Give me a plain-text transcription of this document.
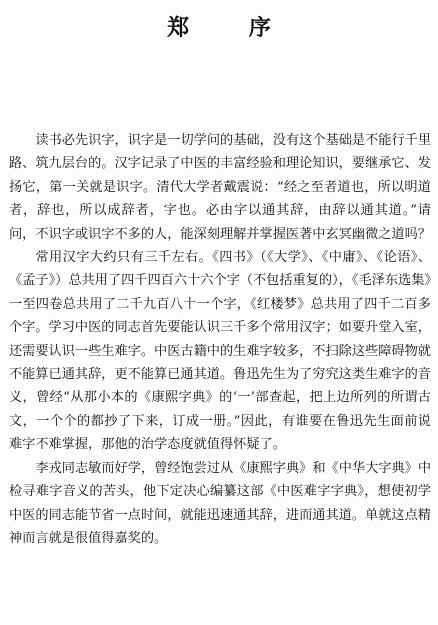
郑 序

读书必先识字，识字是一切学问的基础，没有这个基础是不能行千里路、筑九层台的。汉字记录了中医的丰富经验和理论知识，要继承它、发扬它，第一关就是识字。清代大学者戴震说：“经之至者道也，所以明道者，辞也，所以成辞者，字也。必由字以通其辞，由辞以通其道。”请问，不识字或识字不多的人，能深刻理解并掌握医著中玄冥幽微之道吗？

常用汉字大约只有三千左右。《四书》（《大学》、《中庸》、《论语》、《孟子》）总共用了四千四百六十六个字（不包括重复的），《毛泽东选集》一至四卷总共用了二千九百八十一个字，《红楼梦》总共用了四千二百多个字。学习中医的同志首先要能认识三千多个常用汉字；如要升堂入室，还需要认识一些生难字。中医古籍中的生难字较多，不扫除这些障碍物就不能算已通其辞，更不能算已通其道。鲁迅先生为了穷究这类生难字的音义，曾经“从那小本的《康熙字典》的‘一’部查起，把上边所列的所谓古文，一个个的都抄了下来，订成一册。”因此，有谁要在鲁迅先生面前说难字不难掌握，那他的治学态度就值得怀疑了。

李戎同志敏而好学，曾经饱尝过从《康熙字典》和《中华大字典》中检寻难字音义的苦头，他下定决心编纂这部《中医难字字典》，想使初学中医的同志能节省一点时间，就能迅速通其辞，进而通其道。单就这点精神而言就是很值得嘉奖的。
